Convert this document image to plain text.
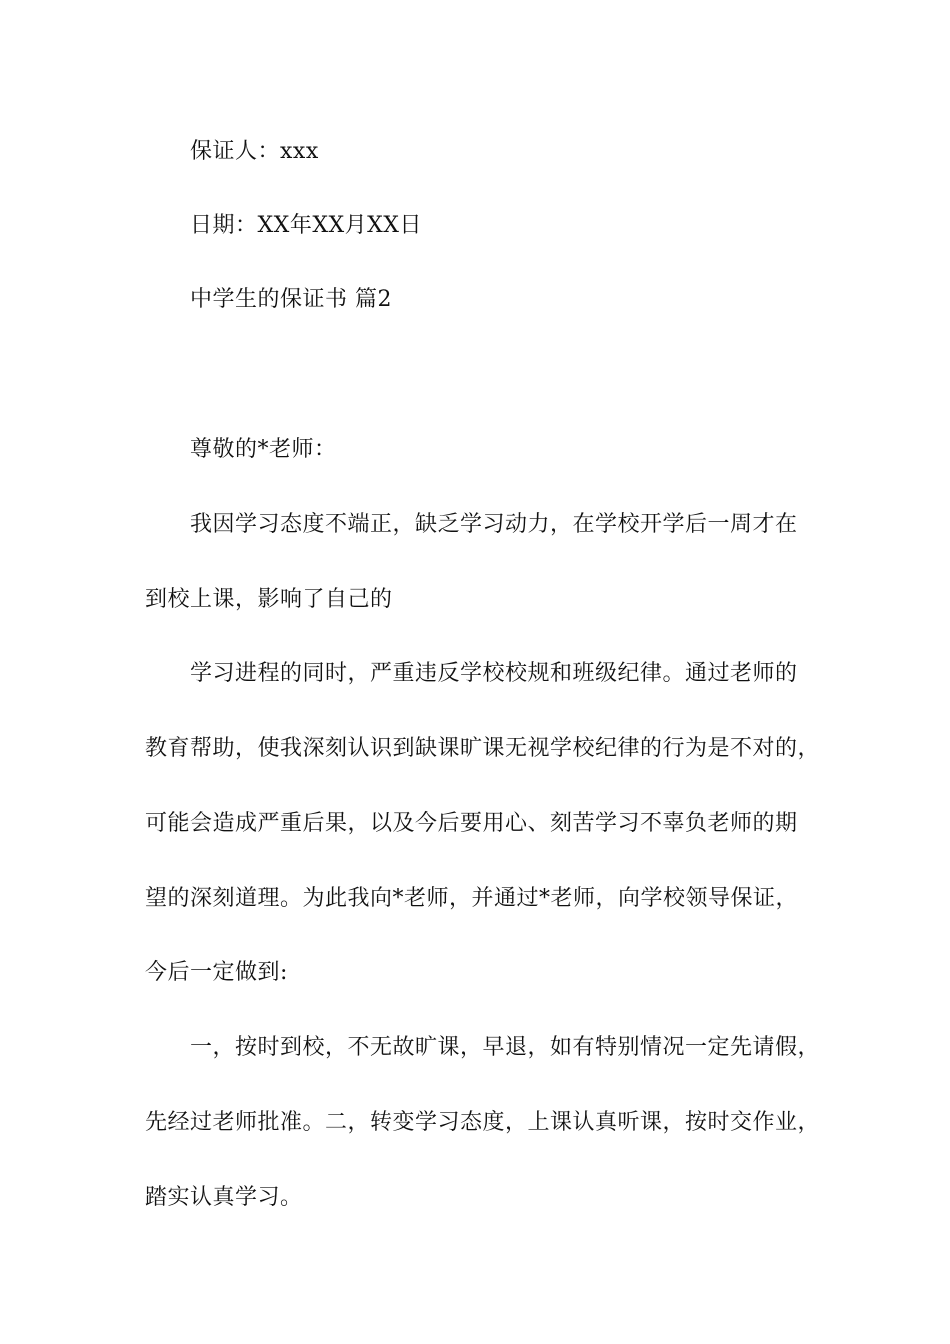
保证人：xxx
日期：XX年XX月XX日
中学生的保证书 篇2
尊敬的*老师：
我因学习态度不端正，缺乏学习动力，在学校开学后一周才在
到校上课，影响了自己的
学习进程的同时，严重违反学校校规和班级纪律。通过老师的
教育帮助，使我深刻认识到缺课旷课无视学校纪律的行为是不对的，
可能会造成严重后果，以及今后要用心、刻苦学习不辜负老师的期
望的深刻道理。为此我向*老师，并通过*老师，向学校领导保证，
今后一定做到:
一，按时到校，不无故旷课，早退，如有特别情况一定先请假，
先经过老师批准。二，转变学习态度，上课认真听课，按时交作业，
踏实认真学习。
